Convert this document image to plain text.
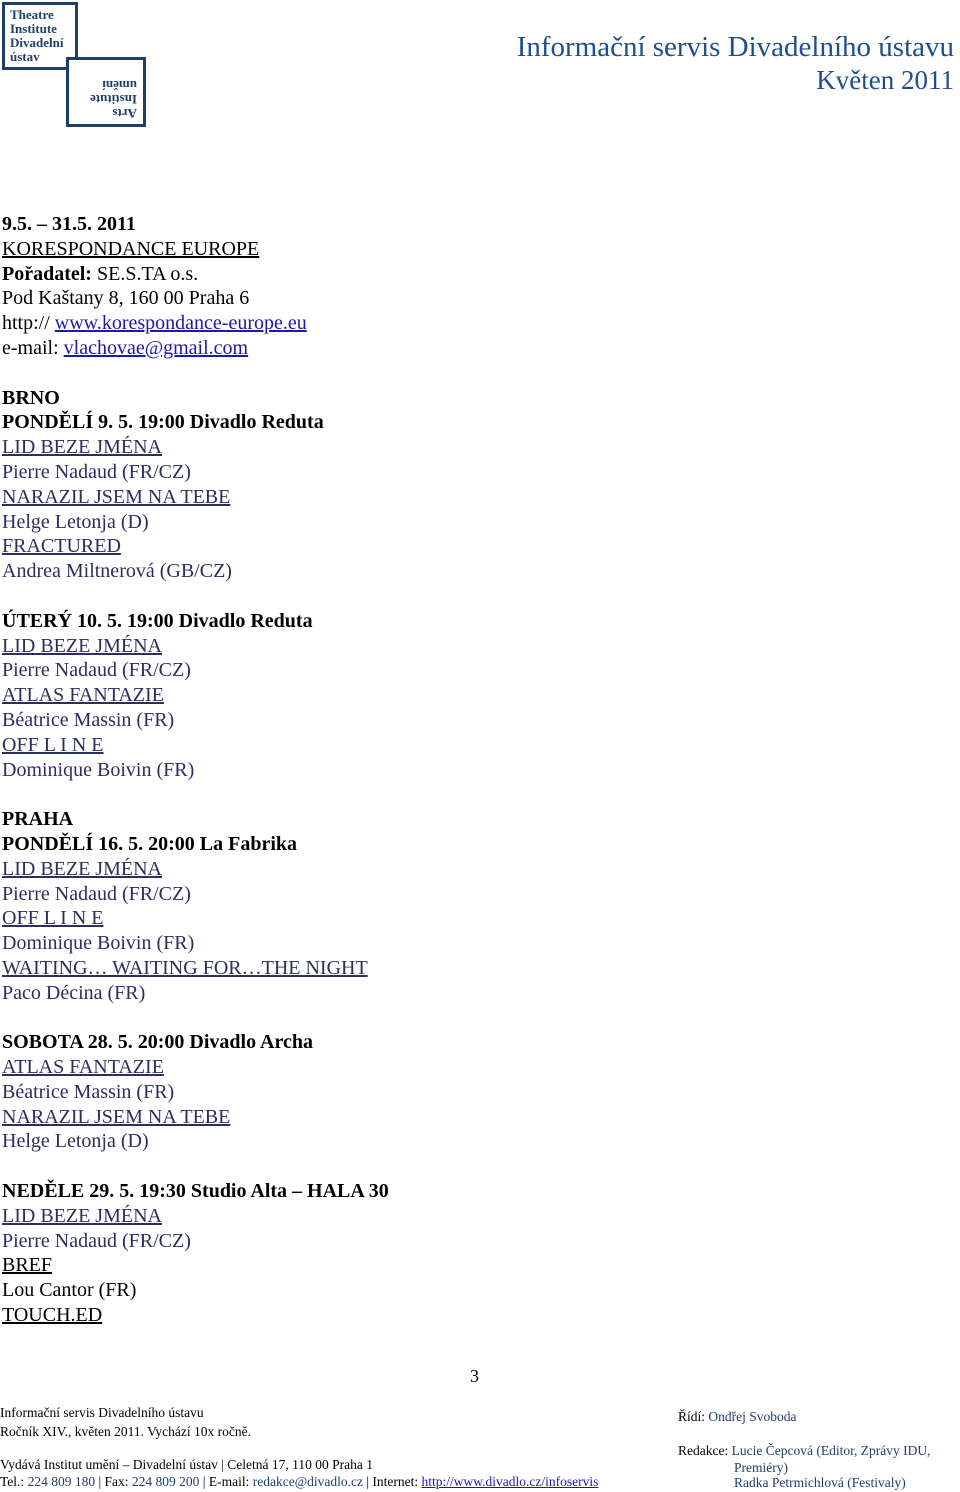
Theatre
Institute
Divadelní
ústav
Arts
Institute
umění
Informační servis Divadelního ústavu
Květen 2011
9.5. – 31.5. 2011
KORESPONDANCE EUROPE
Pořadatel: SE.S.TA o.s.
Pod Kaštany 8, 160 00 Praha 6
http:// www.korespondance-europe.eu
e-mail: vlachovae@gmail.com
BRNO
PONDĚLÍ 9. 5. 19:00 Divadlo Reduta
LID BEZE JMÉNA
Pierre Nadaud (FR/CZ)
NARAZIL JSEM NA TEBE
Helge Letonja (D)
FRACTURED
Andrea Miltnerová (GB/CZ)
ÚTERÝ 10. 5. 19:00 Divadlo Reduta
LID BEZE JMÉNA
Pierre Nadaud (FR/CZ)
ATLAS FANTAZIE
Béatrice Massin (FR)
OFF L I N E
Dominique Boivin (FR)
PRAHA
PONDĚLÍ 16. 5. 20:00 La Fabrika
LID BEZE JMÉNA
Pierre Nadaud (FR/CZ)
OFF L I N E
Dominique Boivin (FR)
WAITING… WAITING FOR…THE NIGHT
Paco Décina (FR)
SOBOTA 28. 5. 20:00 Divadlo Archa
ATLAS FANTAZIE
Béatrice Massin (FR)
NARAZIL JSEM NA TEBE
Helge Letonja (D)
NEDĚLE 29. 5. 19:30 Studio Alta – HALA 30
LID BEZE JMÉNA
Pierre Nadaud (FR/CZ)
BREF
Lou Cantor (FR)
TOUCH.ED
3
Informační servis Divadelního ústavu
Ročník XIV., květen 2011. Vychází 10x ročně.
Vydává Institut umění – Divadelní ústav | Celetná 17, 110 00 Praha 1
Tel.: 224 809 180 | Fax: 224 809 200 | E-mail: redakce@divadlo.cz | Internet: http://www.divadlo.cz/infoservis
Řídí: Ondřej Svoboda
Redakce: Lucie Čepcová (Editor, Zprávy IDU,
Premiéry)
Radka Petrmichlová (Festivaly)
